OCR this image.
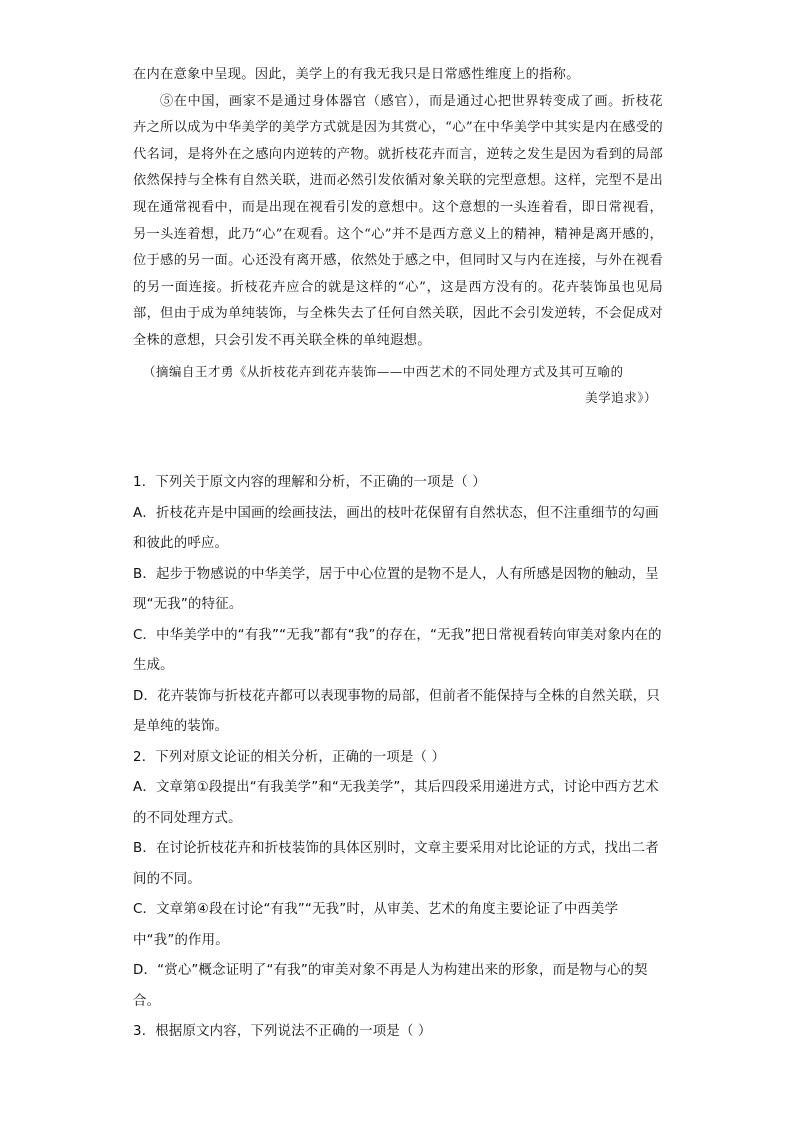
在内在意象中呈现。因此，美学上的有我无我只是日常感性维度上的指称。

⑤在中国，画家不是通过身体器官（感官），而是通过心把世界转变成了画。折枝花卉之所以成为中华美学的美学方式就是因为其赏心，“心”在中华美学中其实是内在感受的代名词，是将外在之感向内逆转的产物。就折枝花卉而言，逆转之发生是因为看到的局部依然保持与全株有自然关联，进而必然引发依循对象关联的完型意想。这样，完型不是出现在通常视看中，而是出现在视看引发的意想中。这个意想的一头连着看，即日常视看，另一头连着想，此乃“心”在观看。这个“心”并不是西方意义上的精神，精神是离开感的，位于感的另一面。心还没有离开感，依然处于感之中，但同时又与内在连接，与外在视看的另一面连接。折枝花卉应合的就是这样的“心”，这是西方没有的。花卉装饰虽也见局部，但由于成为单纯装饰，与全株失去了任何自然关联，因此不会引发逆转，不会促成对全株的意想，只会引发不再关联全株的单纯遐想。

（摘编自王才勇《从折枝花卉到花卉装饰——中西艺术的不同处理方式及其可互喻的
美学追求》）

1．下列关于原文内容的理解和分析，不正确的一项是（ ）

A．折枝花卉是中国画的绘画技法，画出的枝叶花保留有自然状态，但不注重细节的勾画和彼此的呼应。

B．起步于物感说的中华美学，居于中心位置的是物不是人，人有所感是因物的触动，呈现“无我”的特征。

C．中华美学中的“有我”“无我”都有“我”的存在，“无我”把日常视看转向审美对象内在的生成。

D．花卉装饰与折枝花卉都可以表现事物的局部，但前者不能保持与全株的自然关联，只是单纯的装饰。

2．下列对原文论证的相关分析，正确的一项是（ ）

A．文章第①段提出“有我美学”和“无我美学”，其后四段采用递进方式，讨论中西方艺术的不同处理方式。

B．在讨论折枝花卉和折枝装饰的具体区别时，文章主要采用对比论证的方式，找出二者间的不同。

C．文章第④段在讨论“有我”“无我”时，从审美、艺术的角度主要论证了中西美学中“我”的作用。

D．“赏心”概念证明了“有我”的审美对象不再是人为构建出来的形象，而是物与心的契合。

3．根据原文内容，下列说法不正确的一项是（ ）
